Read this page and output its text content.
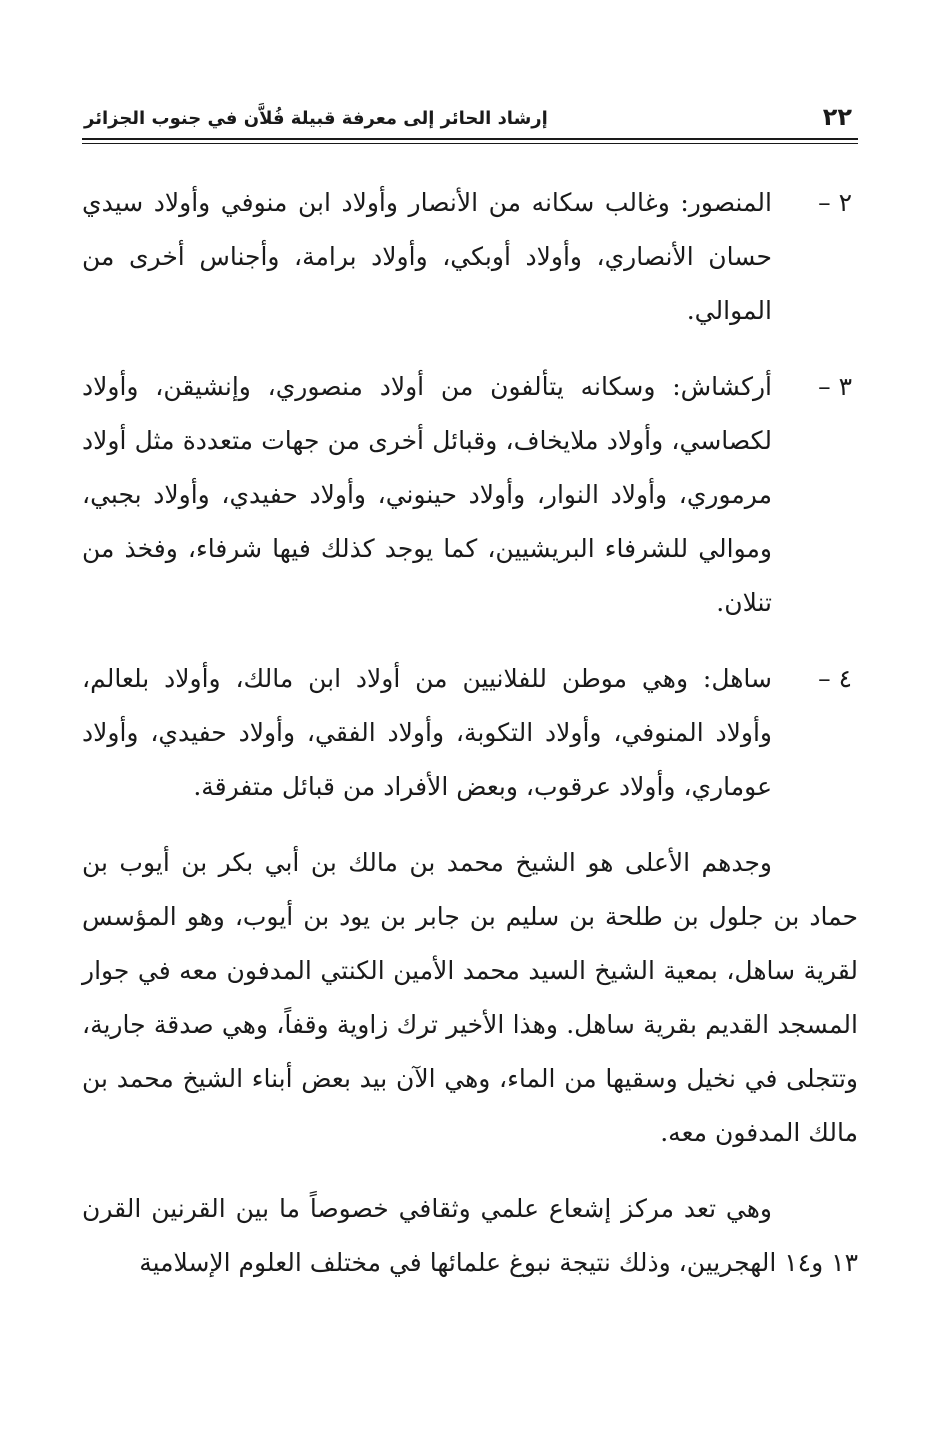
٢٢
إرشاد الحائر إلى معرفة قبيلة فُلاَّن في جنوب الجزائر
٢ –
المنصور: وغالب سكانه من الأنصار وأولاد ابن منوفي وأولاد سيدي حسان الأنصاري، وأولاد أوبكي، وأولاد برامة، وأجناس أخرى من الموالي.
٣ –
أركشاش: وسكانه يتألفون من أولاد منصوري، وإنشيقن، وأولاد لكصاسي، وأولاد ملايخاف، وقبائل أخرى من جهات متعددة مثل أولاد مرموري، وأولاد النوار، وأولاد حينوني، وأولاد حفيدي، وأولاد بجبي، وموالي للشرفاء البريشيين، كما يوجد كذلك فيها شرفاء، وفخذ من تنلان.
٤ –
ساهل: وهي موطن للفلانيين من أولاد ابن مالك، وأولاد بلعالم، وأولاد المنوفي، وأولاد التكوبة، وأولاد الفقي، وأولاد حفيدي، وأولاد عوماري، وأولاد عرقوب، وبعض الأفراد من قبائل متفرقة.

وجدهم الأعلى هو الشيخ محمد بن مالك بن أبي بكر بن أيوب بن حماد بن جلول بن طلحة بن سليم بن جابر بن يود بن أيوب، وهو المؤسس لقرية ساهل، بمعية الشيخ السيد محمد الأمين الكنتي المدفون معه في جوار المسجد القديم بقرية ساهل. وهذا الأخير ترك زاوية وقفاً، وهي صدقة جارية، وتتجلى في نخيل وسقيها من الماء، وهي الآن بيد بعض أبناء الشيخ محمد بن مالك المدفون معه.

وهي تعد مركز إشعاع علمي وثقافي خصوصاً ما بين القرنين القرن ١٣ و١٤ الهجريين، وذلك نتيجة نبوغ علمائها في مختلف العلوم الإسلامية
